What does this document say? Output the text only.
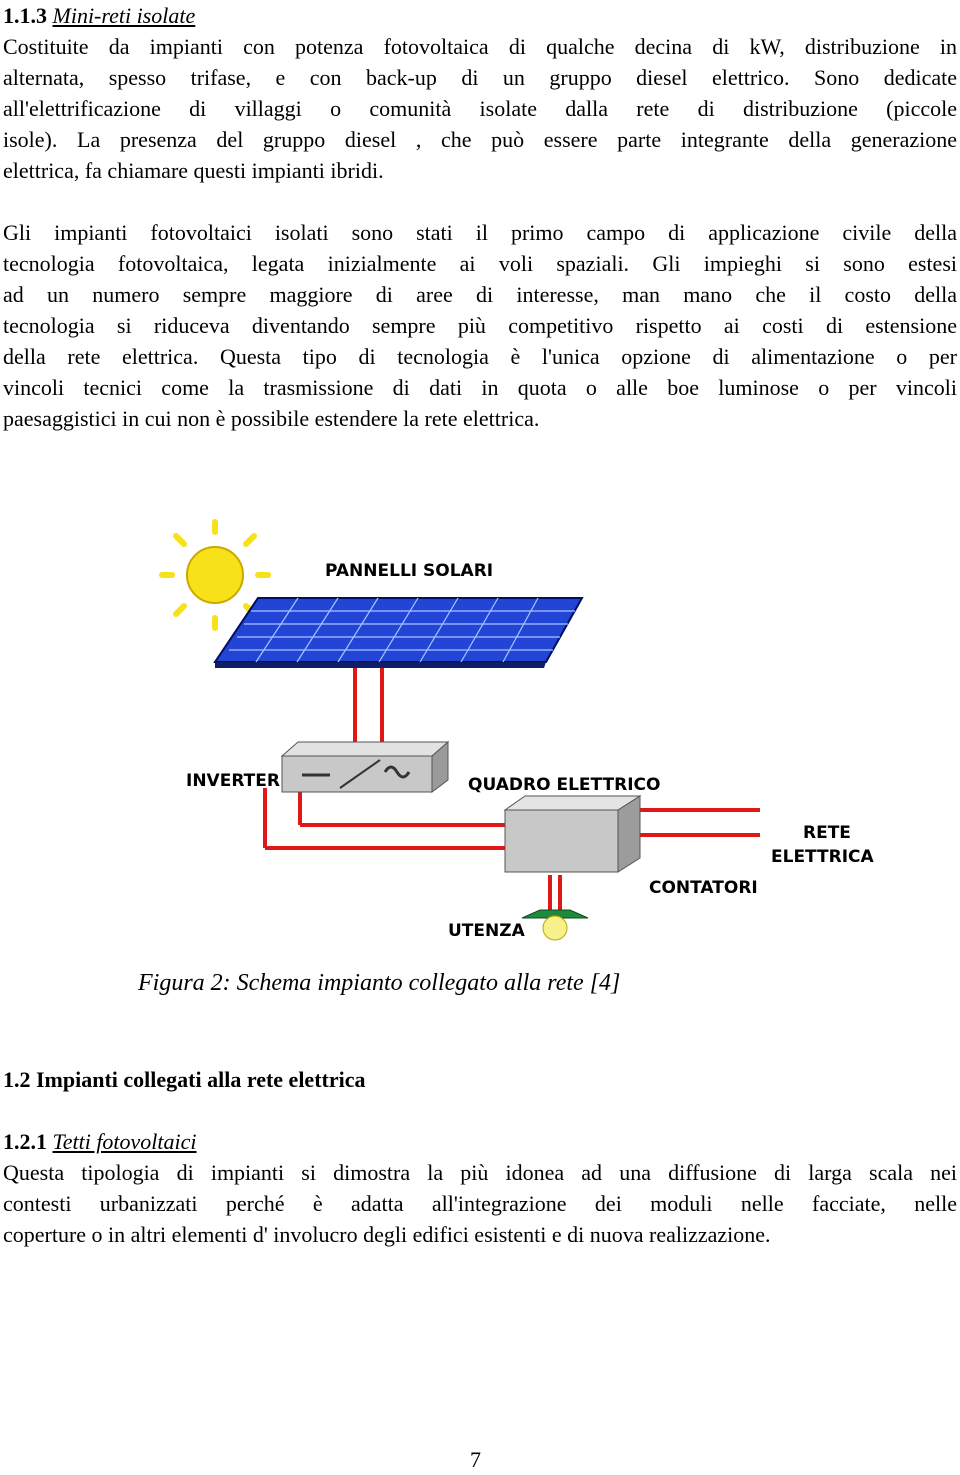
1.1.3 Mini-reti isolate
Costituite da impianti con potenza fotovoltaica di qualche decina di kW, distribuzione in
alternata, spesso trifase, e con back-up di un gruppo diesel elettrico. Sono dedicate
all'elettrificazione di villaggi o comunità isolate dalla rete di distribuzione (piccole
isole). La presenza del gruppo diesel , che può essere parte integrante della generazione
elettrica, fa chiamare questi impianti ibridi.
Gli impianti fotovoltaici isolati sono stati il primo campo di applicazione civile della
tecnologia fotovoltaica, legata inizialmente ai voli spaziali. Gli impieghi si sono estesi
ad un numero sempre maggiore di aree di interesse, man mano che il costo della
tecnologia si riduceva diventando sempre più competitivo rispetto ai costi di estensione
della rete elettrica. Questa tipo di tecnologia è l'unica opzione di alimentazione o per
vincoli tecnici come la trasmissione di dati in quota o alle boe luminose o per vincoli
paesaggistici in cui non è possibile estendere la rete elettrica.
PANNELLI SOLARI
INVERTER	QUADRO ELETTRICO
RETE
ELETTRICA
CONTATORI
UTENZA
Figura 2: Schema impianto collegato alla rete [4]
1.2 Impianti collegati alla rete elettrica
1.2.1 Tetti fotovoltaici
Questa tipologia di impianti si dimostra la più idonea ad una diffusione di larga scala nei
contesti urbanizzati perché è adatta all'integrazione dei moduli nelle facciate, nelle
coperture o in altri elementi d' involucro degli edifici esistenti e di nuova realizzazione.
7
